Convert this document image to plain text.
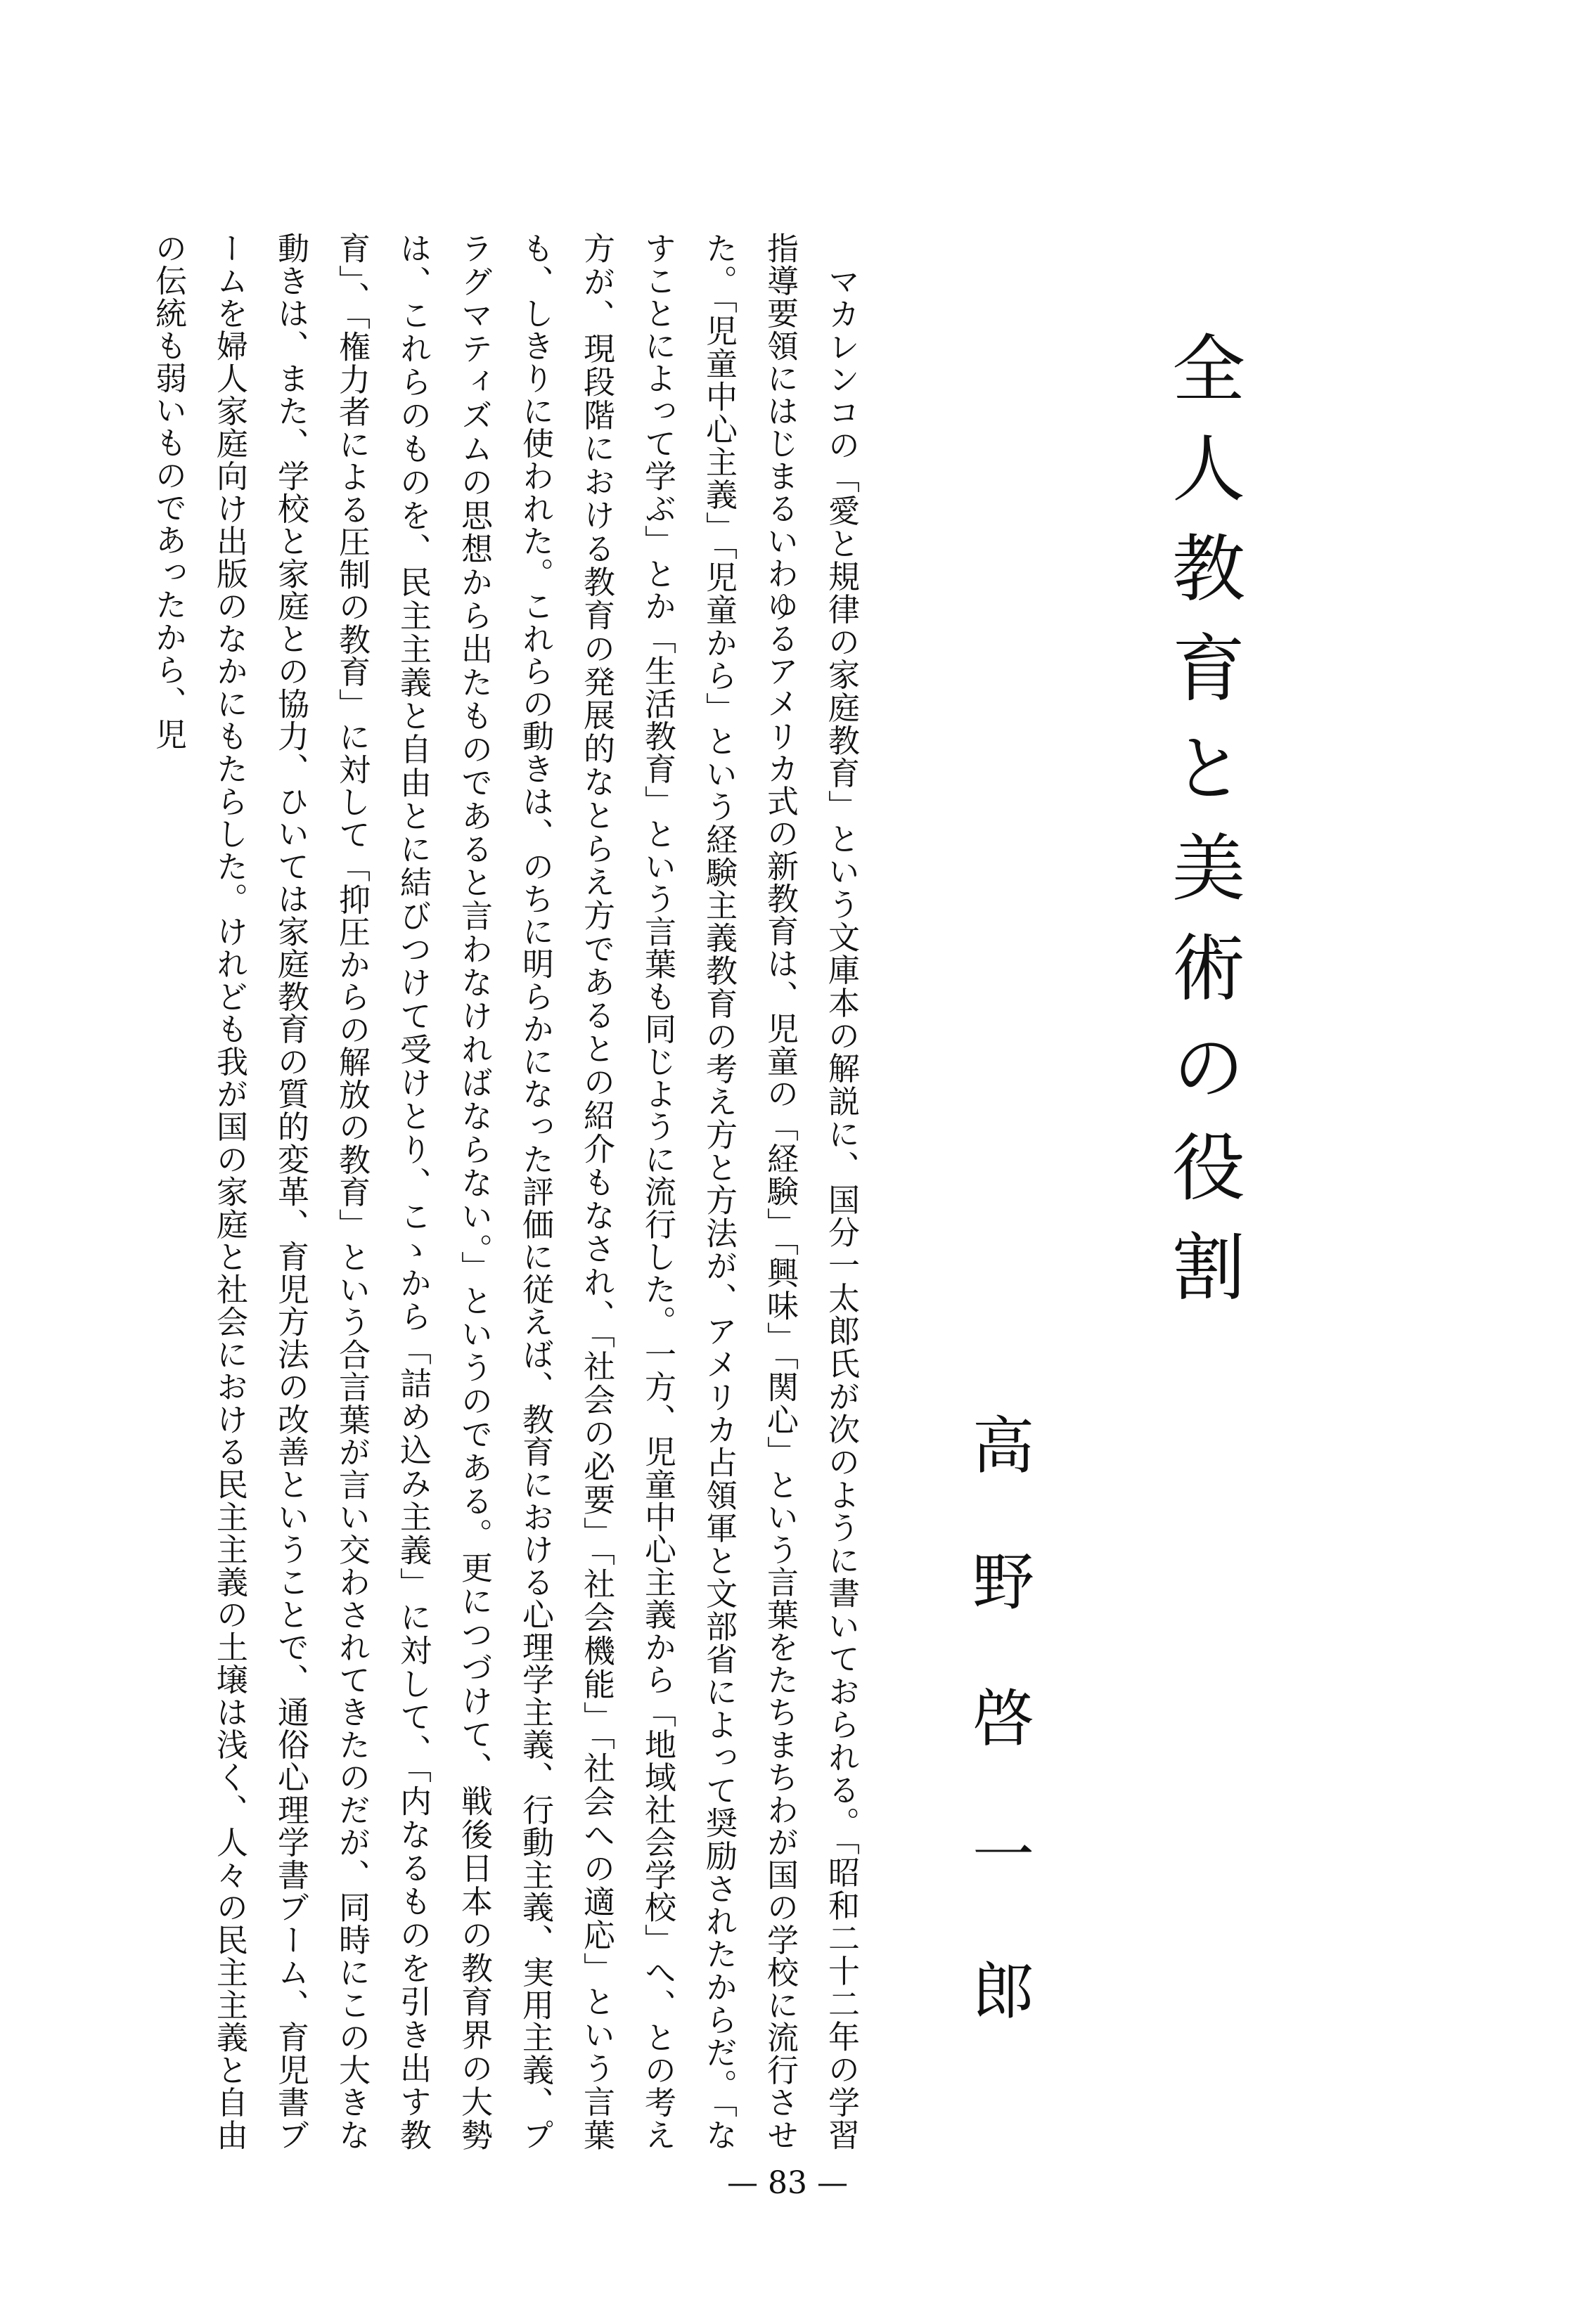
全人教育と美術の役割
高野啓一郎

　マカレンコの「愛と規律の家庭教育」という文庫本の解説に、国分一太郎氏が次のように書いておられる。「昭和二十二年の学習指導要領にはじまるいわゆるアメリカ式の新教育は、児童の「経験」「興味」「関心」という言葉をたちまちわが国の学校に流行させた。「児童中心主義」「児童から」という経験主義教育の考え方と方法が、アメリカ占領軍と文部省によって奨励されたからだ。「なすことによって学ぶ」とか「生活教育」という言葉も同じように流行した。一方、児童中心主義から「地域社会学校」へ、との考え方が、現段階における教育の発展的なとらえ方であるとの紹介もなされ、「社会の必要」「社会機能」「社会への適応」という言葉も、しきりに使われた。これらの動きは、のちに明らかになった評価に従えば、教育における心理学主義、行動主義、実用主義、プラグマティズムの思想から出たものであると言わなければならない。」というのである。更につづけて、戦後日本の教育界の大勢は、これらのものを、民主主義と自由とに結びつけて受けとり、こゝから「詰め込み主義」に対して、「内なるものを引き出す教育」、「権力者による圧制の教育」に対して「抑圧からの解放の教育」という合言葉が言い交わされてきたのだが、同時にこの大きな動きは、また、学校と家庭との協力、ひいては家庭教育の質的変革、育児方法の改善ということで、通俗心理学書ブーム、育児書ブームを婦人家庭向け出版のなかにもたらした。けれども我が国の家庭と社会における民主主義の土壌は浅く、人々の民主主義と自由の伝統も弱いものであったから、児

— 83 —
